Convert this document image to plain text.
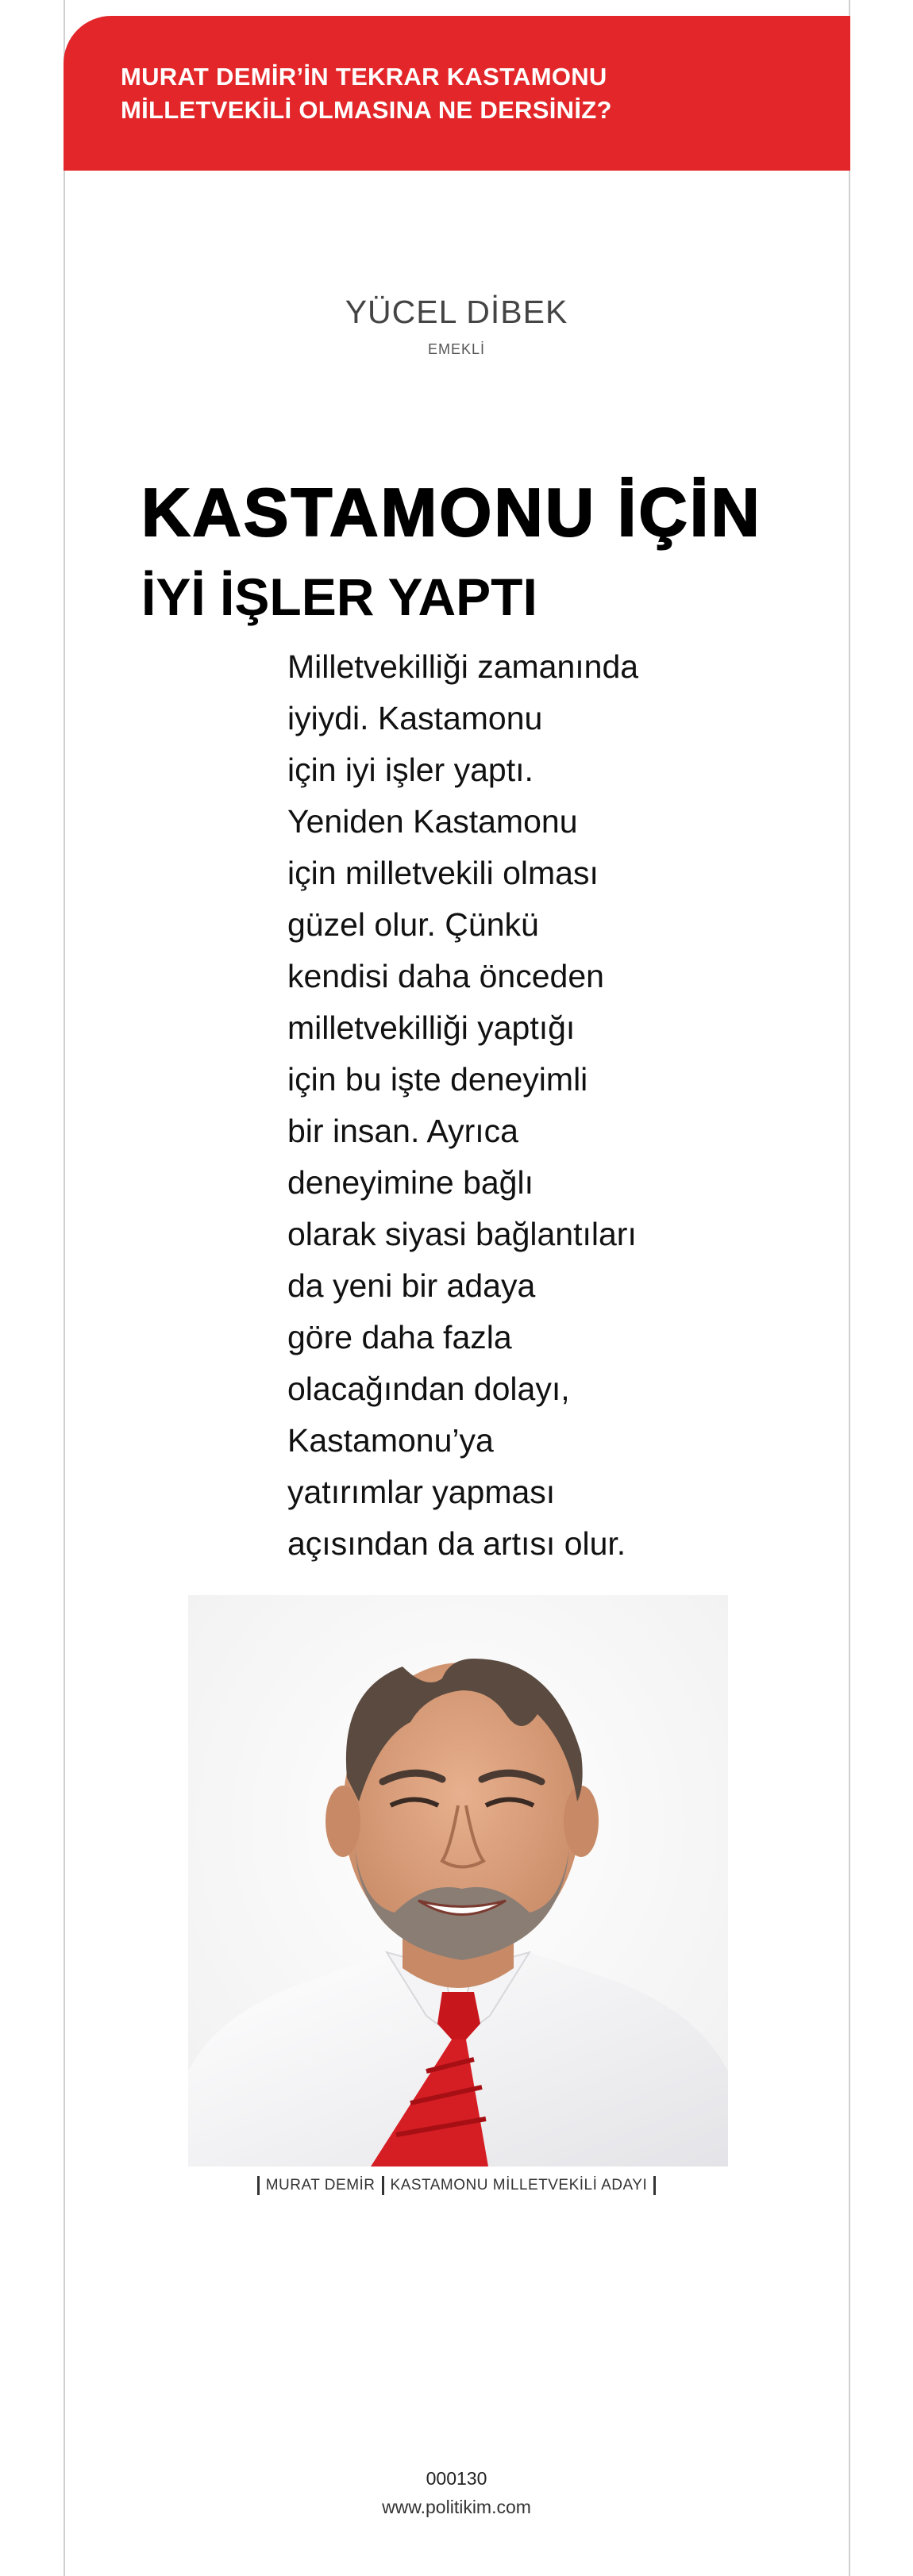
MURAT DEMİR’İN TEKRAR KASTAMONU
MİLLETVEKİLİ OLMASINA NE DERSİNİZ?
YÜCEL DİBEK
EMEKLİ
KASTAMONU İÇİN
İYİ İŞLER YAPTI
Milletvekilliği zamanında
iyiydi. Kastamonu
için iyi işler yaptı.
Yeniden Kastamonu
için milletvekili olması
güzel olur. Çünkü
kendisi daha önceden
milletvekilliği yaptığı
için bu işte deneyimli
bir insan. Ayrıca
deneyimine bağlı
olarak siyasi bağlantıları
da yeni bir adaya
göre daha fazla
olacağından dolayı,
Kastamonu’ya
yatırımlar yapması
açısından da artısı olur.
MURAT DEMİR KASTAMONU MİLLETVEKİLİ ADAYI
000130
www.politikim.com
